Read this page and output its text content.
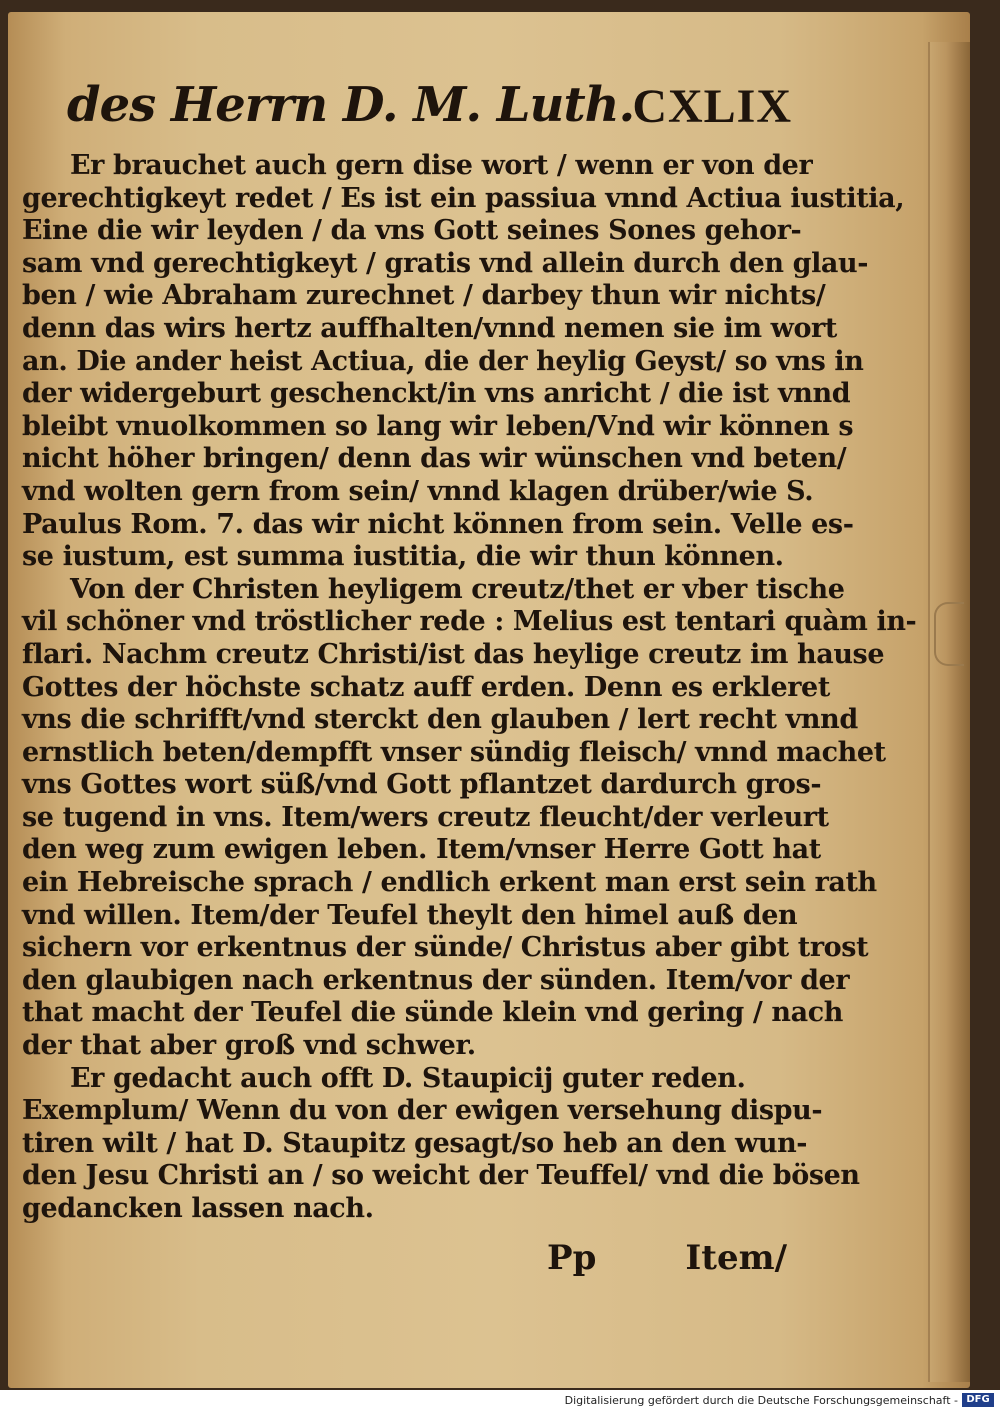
des Herrn D. M. Luth.
CXLIX
Er brauchet auch gern dise wort / wenn er von der
gerechtigkeyt redet / Es ist ein passiua vnnd Actiua iustitia,
Eine die wir leyden / da vns Gott seines Sones gehor-
sam vnd gerechtigkeyt / gratis vnd allein durch den glau-
ben / wie Abraham zurechnet / darbey thun wir nichts/
denn das wirs hertz auffhalten/vnnd nemen sie im wort
an. Die ander heist Actiua, die der heylig Geyst/ so vns in
der widergeburt geschenckt/in vns anricht / die ist vnnd
bleibt vnuolkommen so lang wir leben/Vnd wir können s
nicht höher bringen/ denn das wir wünschen vnd beten/
vnd wolten gern from sein/ vnnd klagen drüber/wie S.
Paulus Rom. 7. das wir nicht können from sein. Velle es-
se iustum, est summa iustitia, die wir thun können.
Von der Christen heyligem creutz/thet er vber tische
vil schöner vnd tröstlicher rede : Melius est tentari quàm in-
flari. Nachm creutz Christi/ist das heylige creutz im hause
Gottes der höchste schatz auff erden. Denn es erkleret
vns die schrifft/vnd sterckt den glauben / lert recht vnnd
ernstlich beten/dempfft vnser sündig fleisch/ vnnd machet
vns Gottes wort süß/vnd Gott pflantzet dardurch gros-
se tugend in vns. Item/wers creutz fleucht/der verleurt
den weg zum ewigen leben. Item/vnser Herre Gott hat
ein Hebreische sprach / endlich erkent man erst sein rath
vnd willen. Item/der Teufel theylt den himel auß den
sichern vor erkentnus der sünde/ Christus aber gibt trost
den glaubigen nach erkentnus der sünden. Item/vor der
that macht der Teufel die sünde klein vnd gering / nach
der that aber groß vnd schwer.
Er gedacht auch offt D. Staupicij guter reden.
Exemplum/ Wenn du von der ewigen versehung dispu-
tiren wilt / hat D. Staupitz gesagt/so heb an den wun-
den Jesu Christi an / so weicht der Teuffel/ vnd die bösen
gedancken lassen nach.
Pp	Item/
Digitalisierung gefördert durch die Deutsche Forschungsgemeinschaft - DFG
